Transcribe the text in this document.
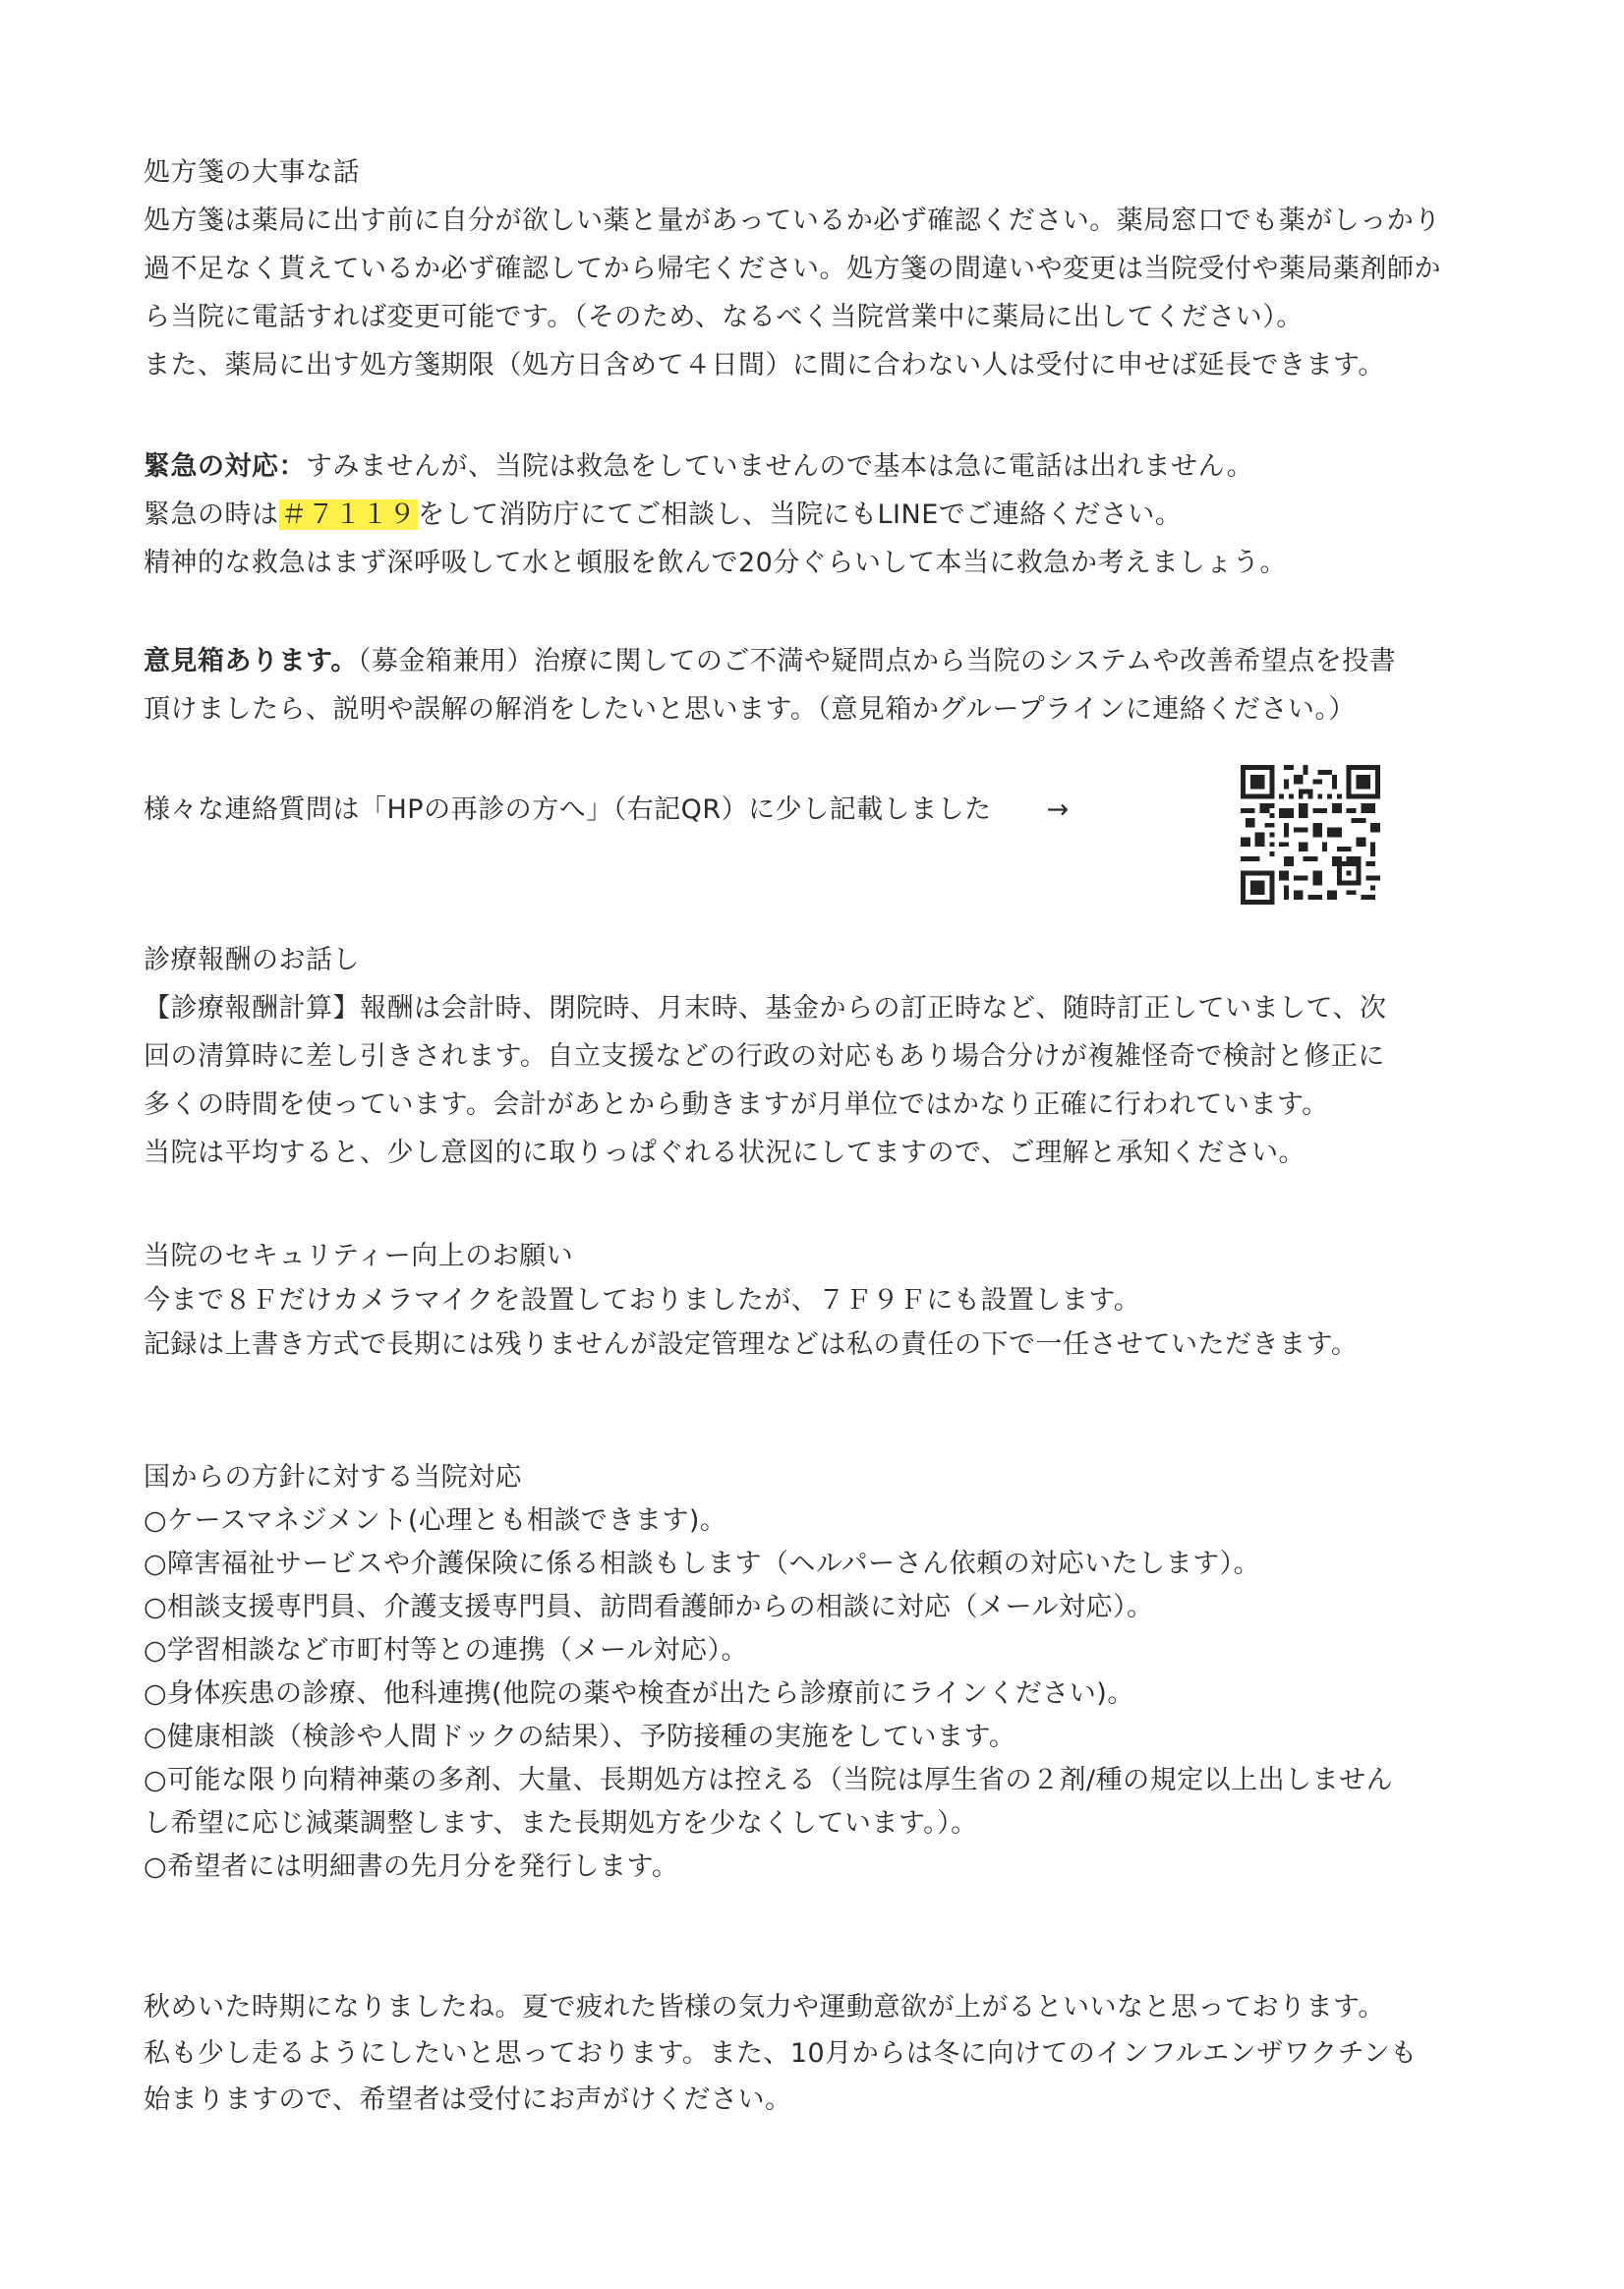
処方箋の大事な話
処方箋は薬局に出す前に自分が欲しい薬と量があっているか必ず確認ください。薬局窓口でも薬がしっかり
過不足なく貰えているか必ず確認してから帰宅ください。処方箋の間違いや変更は当院受付や薬局薬剤師か
ら当院に電話すれば変更可能です。（そのため、なるべく当院営業中に薬局に出してください）。
また、薬局に出す処方箋期限（処方日含めて４日間）に間に合わない人は受付に申せば延長できます。
緊急の対応：すみませんが、当院は救急をしていませんので基本は急に電話は出れません。
緊急の時は＃７１１９をして消防庁にてご相談し、当院にもLINEでご連絡ください。
精神的な救急はまず深呼吸して水と頓服を飲んで20分ぐらいして本当に救急か考えましょう。
意見箱あります。（募金箱兼用）治療に関してのご不満や疑問点から当院のシステムや改善希望点を投書
頂けましたら、説明や誤解の解消をしたいと思います。（意見箱かグループラインに連絡ください。）
様々な連絡質問は「HPの再診の方へ」（右記QR）に少し記載しました →
診療報酬のお話し
【診療報酬計算】報酬は会計時、閉院時、月末時、基金からの訂正時など、随時訂正していまして、次
回の清算時に差し引きされます。自立支援などの行政の対応もあり場合分けが複雑怪奇で検討と修正に
多くの時間を使っています。会計があとから動きますが月単位ではかなり正確に行われています。
当院は平均すると、少し意図的に取りっぱぐれる状況にしてますので、ご理解と承知ください。
当院のセキュリティー向上のお願い
今まで８Ｆだけカメラマイクを設置しておりましたが、７Ｆ９Ｆにも設置します。
記録は上書き方式で長期には残りませんが設定管理などは私の責任の下で一任させていただきます。
国からの方針に対する当院対応
○ケースマネジメント(心理とも相談できます)。
○障害福祉サービスや介護保険に係る相談もします（ヘルパーさん依頼の対応いたします）。
○相談支援専門員、介護支援専門員、訪問看護師からの相談に対応（メール対応）。
○学習相談など市町村等との連携（メール対応）。
○身体疾患の診療、他科連携(他院の薬や検査が出たら診療前にラインください)。
○健康相談（検診や人間ドックの結果）、予防接種の実施をしています。
○可能な限り向精神薬の多剤、大量、長期処方は控える（当院は厚生省の２剤/種の規定以上出しません
し希望に応じ減薬調整します、また長期処方を少なくしています。）。
○希望者には明細書の先月分を発行します。
秋めいた時期になりましたね。夏で疲れた皆様の気力や運動意欲が上がるといいなと思っております。
私も少し走るようにしたいと思っております。また、10月からは冬に向けてのインフルエンザワクチンも
始まりますので、希望者は受付にお声がけください。
